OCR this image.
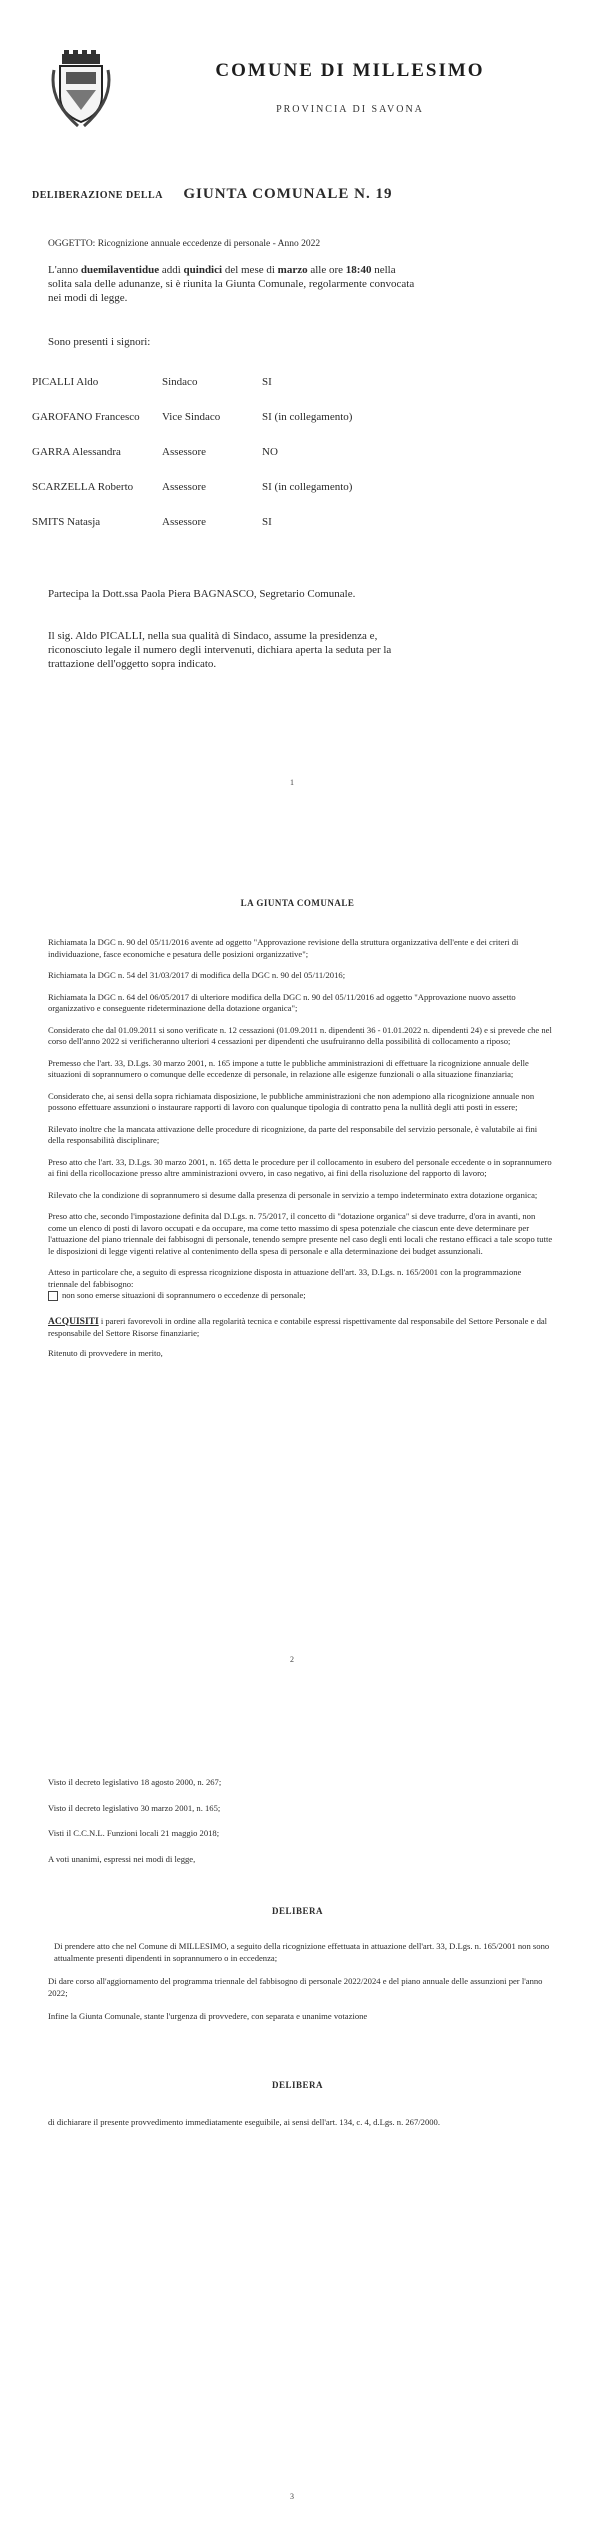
COMUNE DI MILLESIMO
PROVINCIA DI SAVONA
DELIBERAZIONE DELLA GIUNTA COMUNALE N. 19
OGGETTO: Ricognizione annuale eccedenze di personale - Anno 2022
L'anno duemilaventidue addì quindici del mese di marzo alle ore 18:40 nella
solita sala delle adunanze, si è riunita la Giunta Comunale, regolarmente convocata
nei modi di legge.
Sono presenti i signori:
PICALLI Aldo	Sindaco	SI
GAROFANO Francesco	Vice Sindaco	SI (in collegamento)
GARRA Alessandra	Assessore	NO
SCARZELLA Roberto	Assessore	SI (in collegamento)
SMITS Natasja	Assessore	SI
Partecipa la Dott.ssa Paola Piera BAGNASCO, Segretario Comunale.
Il sig. Aldo PICALLI, nella sua qualità di Sindaco, assume la presidenza e,
riconosciuto legale il numero degli intervenuti, dichiara aperta la seduta per la
trattazione dell'oggetto sopra indicato.
1
LA GIUNTA COMUNALE
Richiamata la DGC n. 90 del 05/11/2016 avente ad oggetto "Approvazione revisione della struttura organizzativa dell'ente e dei criteri di individuazione, fasce economiche e pesatura delle posizioni organizzative";
Richiamata la DGC n. 54 del 31/03/2017 di modifica della DGC n. 90 del 05/11/2016;
Richiamata la DGC n. 64 del 06/05/2017 di ulteriore modifica della DGC n. 90 del 05/11/2016 ad oggetto "Approvazione nuovo assetto organizzativo e conseguente rideterminazione della dotazione organica";
Considerato che dal 01.09.2011 si sono verificate n. 12 cessazioni (01.09.2011 n. dipendenti 36 - 01.01.2022 n. dipendenti 24) e si prevede che nel corso dell'anno 2022 si verificheranno ulteriori 4 cessazioni per dipendenti che usufruiranno della possibilità di collocamento a riposo;
Premesso che l'art. 33, D.Lgs. 30 marzo 2001, n. 165 impone a tutte le pubbliche amministrazioni di effettuare la ricognizione annuale delle situazioni di soprannumero o comunque delle eccedenze di personale, in relazione alle esigenze funzionali o alla situazione finanziaria;
Considerato che, ai sensi della sopra richiamata disposizione, le pubbliche amministrazioni che non adempiono alla ricognizione annuale non possono effettuare assunzioni o instaurare rapporti di lavoro con qualunque tipologia di contratto pena la nullità degli atti posti in essere;
Rilevato inoltre che la mancata attivazione delle procedure di ricognizione, da parte del responsabile del servizio personale, è valutabile ai fini della responsabilità disciplinare;
Preso atto che l'art. 33, D.Lgs. 30 marzo 2001, n. 165 detta le procedure per il collocamento in esubero del personale eccedente o in soprannumero ai fini della ricollocazione presso altre amministrazioni ovvero, in caso negativo, ai fini della risoluzione del rapporto di lavoro;
Rilevato che la condizione di soprannumero si desume dalla presenza di personale in servizio a tempo indeterminato extra dotazione organica;
Preso atto che, secondo l'impostazione definita dal D.Lgs. n. 75/2017, il concetto di "dotazione organica" si deve tradurre, d'ora in avanti, non come un elenco di posti di lavoro occupati e da occupare, ma come tetto massimo di spesa potenziale che ciascun ente deve determinare per l'attuazione del piano triennale dei fabbisogni di personale, tenendo sempre presente nel caso degli enti locali che restano efficaci a tale scopo tutte le disposizioni di legge vigenti relative al contenimento della spesa di personale e alla determinazione dei budget assunzionali.
Atteso in particolare che, a seguito di espressa ricognizione disposta in attuazione dell'art. 33, D.Lgs. n. 165/2001 con la programmazione triennale del fabbisogno:
non sono emerse situazioni di soprannumero o eccedenze di personale;
ACQUISITI i pareri favorevoli in ordine alla regolarità tecnica e contabile espressi rispettivamente dal responsabile del Settore Personale e dal responsabile del Settore Risorse finanziarie;
Ritenuto di provvedere in merito,
2
Visto il decreto legislativo 18 agosto 2000, n. 267;
Visto il decreto legislativo 30 marzo 2001, n. 165;
Visti il C.C.N.L. Funzioni locali 21 maggio 2018;
A voti unanimi, espressi nei modi di legge,
DELIBERA
Di prendere atto che nel Comune di MILLESIMO, a seguito della ricognizione effettuata in attuazione dell'art. 33, D.Lgs. n. 165/2001 non sono attualmente presenti dipendenti in soprannumero o in eccedenza;
Di dare corso all'aggiornamento del programma triennale del fabbisogno di personale 2022/2024 e del piano annuale delle assunzioni per l'anno 2022;
Infine la Giunta Comunale, stante l'urgenza di provvedere, con separata e unanime votazione
DELIBERA
di dichiarare il presente provvedimento immediatamente eseguibile, ai sensi dell'art. 134, c. 4, d.Lgs. n. 267/2000.
3
